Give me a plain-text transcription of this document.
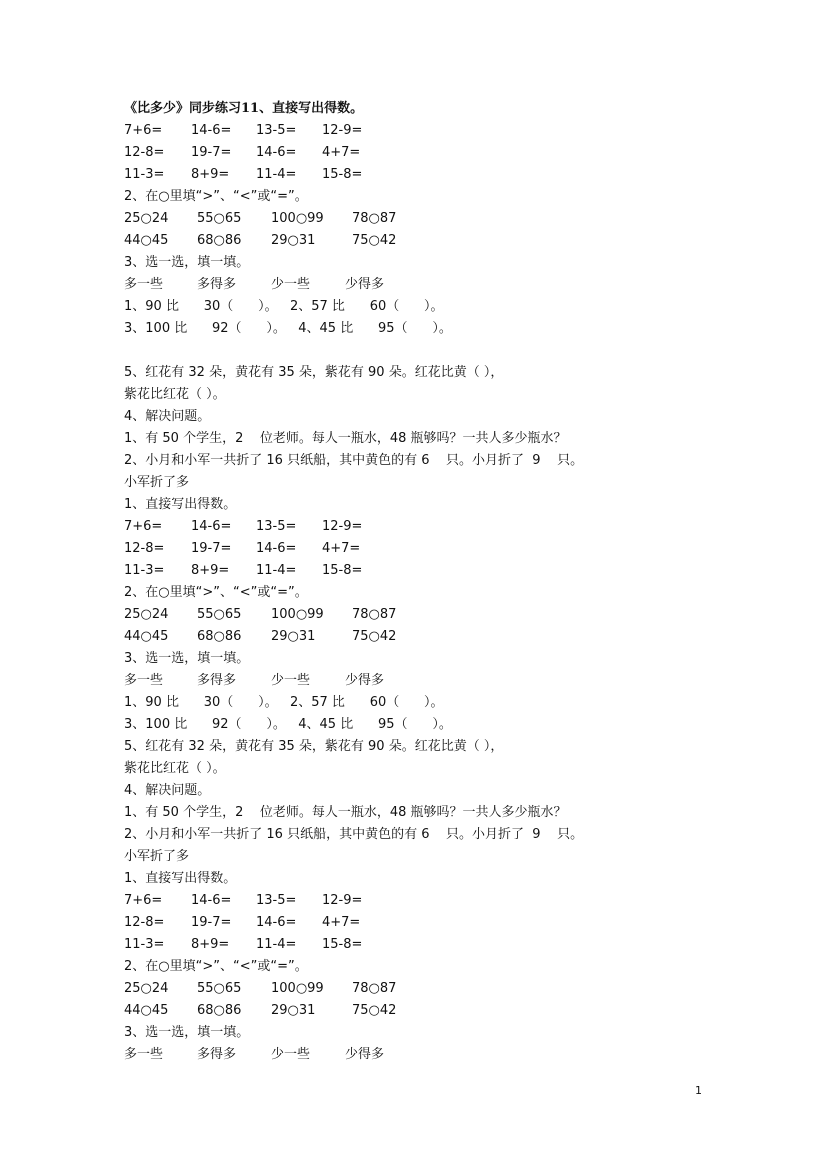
《比多少》同步练习11、直接写出得数。
7+6= 14-6= 13-5= 12-9=
12-8= 19-7= 14-6= 4+7=
11-3= 8+9= 11-4= 15-8=
2、在○里填“>”、“<”或“=”。
25○24 55○65 100○99 78○87
44○45 68○86 29○31	75○42
3、选一选，填一填。
多一些	多得多	少一些	少得多
1、90 比      30（      ）。   2、57 比      60（      ）。
3、100 比      92（      ）。   4、45 比      95（      ）。
5、红花有 32 朵，黄花有 35 朵，紫花有 90 朵。红花比黄（ ），
紫花比红花（ ）。
4、解决问题。
1、有 50 个学生，2    位老师。每人一瓶水，48 瓶够吗？一共人多少瓶水？
2、小月和小军一共折了 16 只纸船，其中黄色的有 6    只。小月折了  9    只。
小军折了多
1、直接写出得数。
7+6= 14-6= 13-5= 12-9=
12-8= 19-7= 14-6= 4+7=
11-3= 8+9= 11-4= 15-8=
2、在○里填“>”、“<”或“=”。
25○24 55○65 100○99 78○87
44○45 68○86 29○31	75○42
3、选一选，填一填。
多一些	多得多	少一些	少得多
1、90 比      30（      ）。   2、57 比      60（      ）。
3、100 比      92（      ）。   4、45 比      95（      ）。
5、红花有 32 朵，黄花有 35 朵，紫花有 90 朵。红花比黄（ ），
紫花比红花（ ）。
4、解决问题。
1、有 50 个学生，2    位老师。每人一瓶水，48 瓶够吗？一共人多少瓶水？
2、小月和小军一共折了 16 只纸船，其中黄色的有 6    只。小月折了  9    只。
小军折了多
1、直接写出得数。
7+6= 14-6= 13-5= 12-9=
12-8= 19-7= 14-6= 4+7=
11-3= 8+9= 11-4= 15-8=
2、在○里填“>”、“<”或“=”。
25○24 55○65 100○99 78○87
44○45 68○86 29○31	75○42
3、选一选，填一填。
多一些	多得多	少一些	少得多
1
